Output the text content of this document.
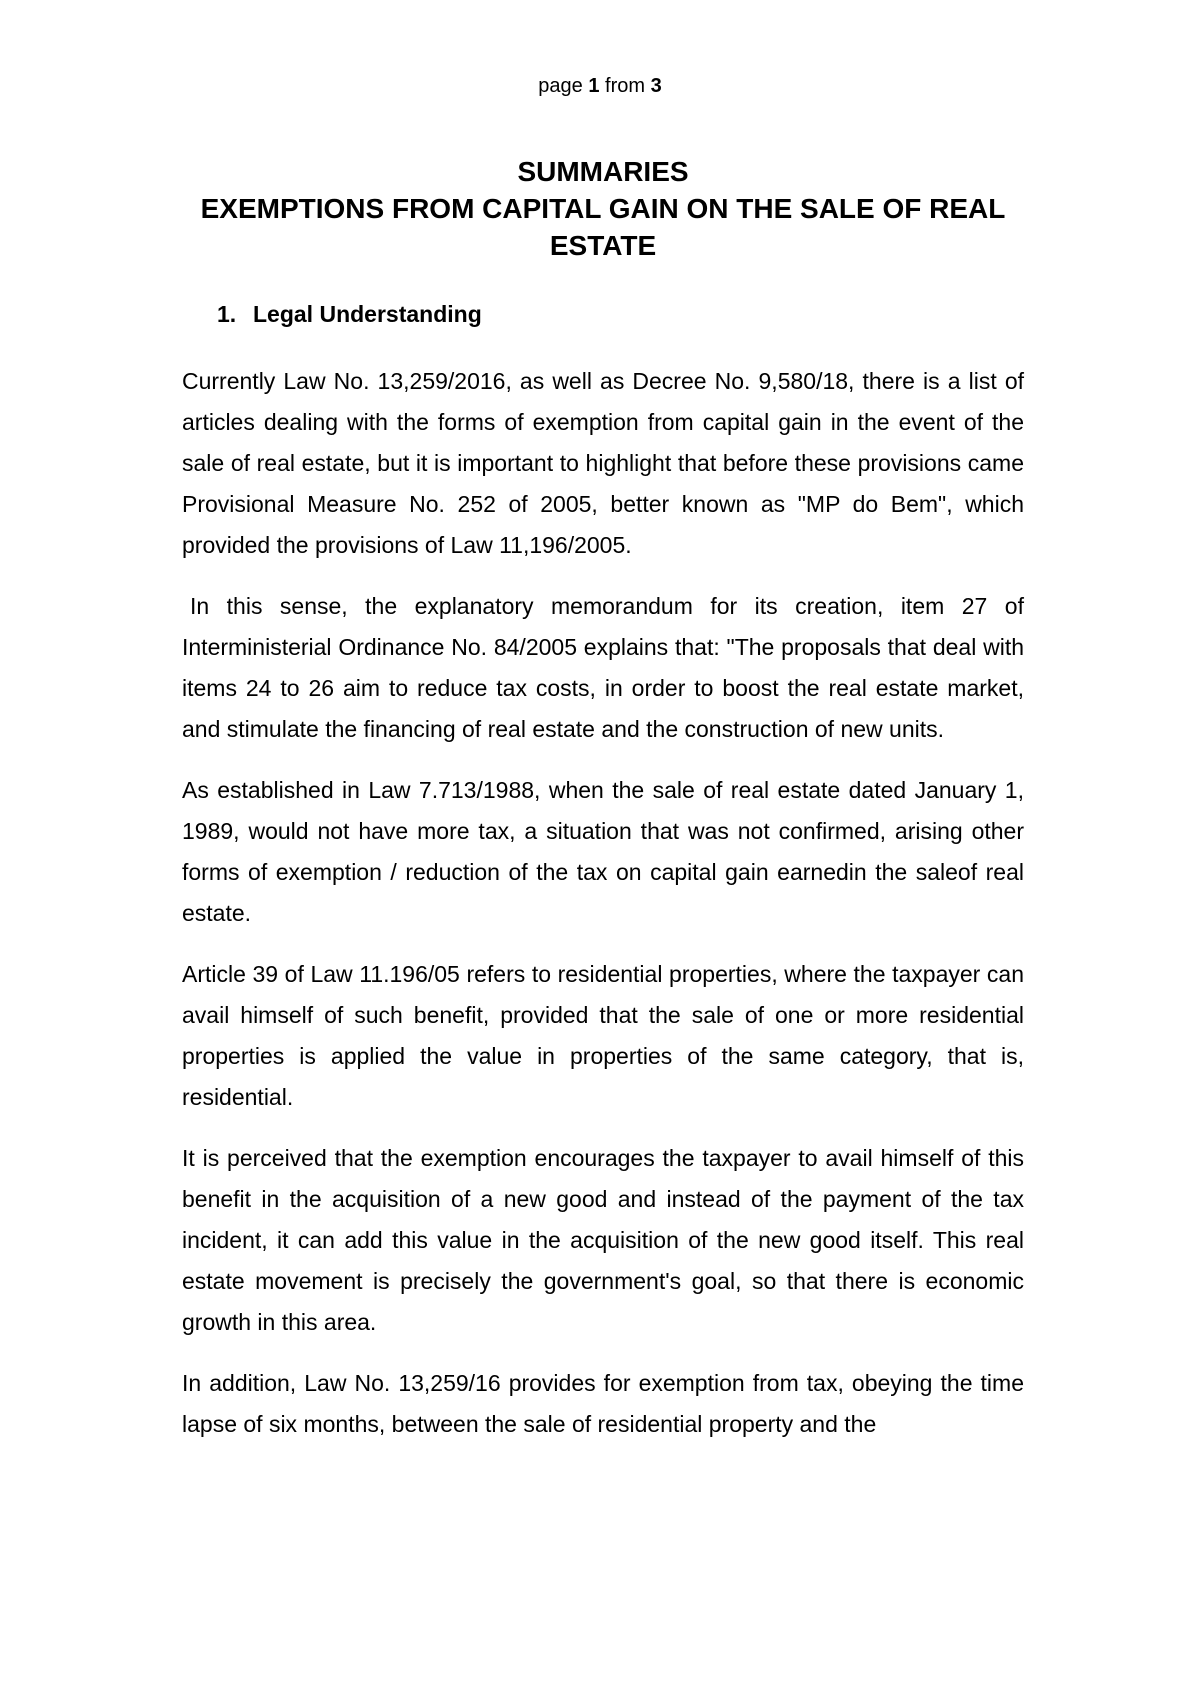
page 1 from 3
SUMMARIES
EXEMPTIONS FROM CAPITAL GAIN ON THE SALE OF REAL ESTATE
1. Legal Understanding

Currently Law No. 13,259/2016, as well as Decree No. 9,580/18, there is a list of articles dealing with the forms of exemption from capital gain in the event of the sale of real estate, but it is important to highlight that before these provisions came Provisional Measure No. 252 of 2005, better known as "MP do Bem", which provided the provisions of Law 11,196/2005.

In this sense, the explanatory memorandum for its creation, item 27 of Interministerial Ordinance No. 84/2005 explains that: "The proposals that deal with items 24 to 26 aim to reduce tax costs, in order to boost the real estate market, and stimulate the financing of real estate and the construction of new units.

As established in Law 7.713/1988, when the sale of real estate dated January 1, 1989, would not have more tax, a situation that was not confirmed, arising other forms of exemption / reduction of the tax on capital gain earnedin the saleof real estate.

Article 39 of Law 11.196/05 refers to residential properties, where the taxpayer can avail himself of such benefit, provided that the sale of one or more residential properties is applied the value in properties of the same category, that is, residential.

It is perceived that the exemption encourages the taxpayer to avail himself of this benefit in the acquisition of a new good and instead of the payment of the tax incident, it can add this value in the acquisition of the new good itself. This real estate movement is precisely the government's goal, so that there is economic growth in this area.

In addition, Law No. 13,259/16 provides for exemption from tax, obeying the time lapse of six months, between the sale of residential property and the
